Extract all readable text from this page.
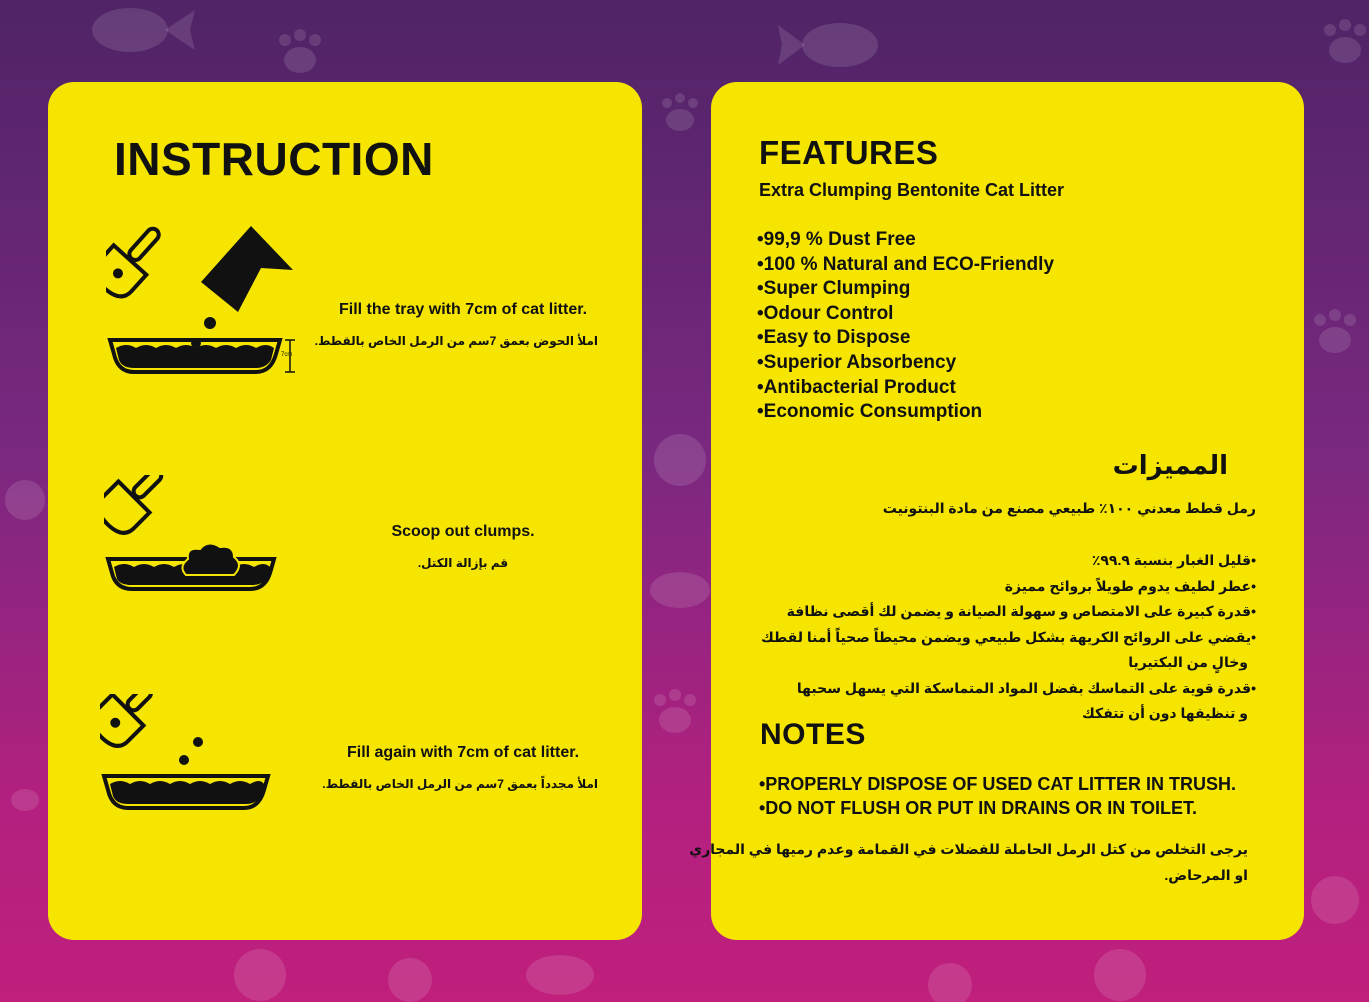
INSTRUCTION
7cm
Fill the tray with 7cm of cat litter.
املأ الحوض بعمق 7سم من الرمل الخاص بالقطط.
Scoop out clumps.
قم بإزالة الكتل.
Fill again with 7cm of cat litter.
املأ مجدداً بعمق 7سم من الرمل الخاص بالقطط.
FEATURES
Extra Clumping Bentonite Cat Litter
•99,9 % Dust Free
•100 % Natural and ECO-Friendly
•Super Clumping
•Odour Control
•Easy to Dispose
•Superior Absorbency
•Antibacterial Product
•Economic Consumption
المميزات
رمل قطط معدني ١٠٠٪ طبيعي مصنع من مادة البنتونيت
•قليل الغبار بنسبة ٩٩.٩٪
•عطر لطيف يدوم طويلاً بروائح مميزة
•قدرة كبيرة على الامتصاص و سهولة الصيانة و يضمن لك أقصى نظافة
•يقضي على الروائح الكريهة بشكل طبيعي ويضمن محيطاً صحياً أمنا لقطك
وخالٍ من البكتيريا
•قدرة قوية على التماسك بفضل المواد المتماسكة التي يسهل سحبها
و تنظيفها دون أن تتفكك
NOTES
•PROPERLY DISPOSE OF USED CAT LITTER IN TRUSH.
•DO NOT FLUSH OR PUT IN DRAINS OR IN TOILET.
يرجى التخلص من كتل الرمل الحاملة للفضلات في القمامة وعدم رميها في المجاري
او المرحاض.
